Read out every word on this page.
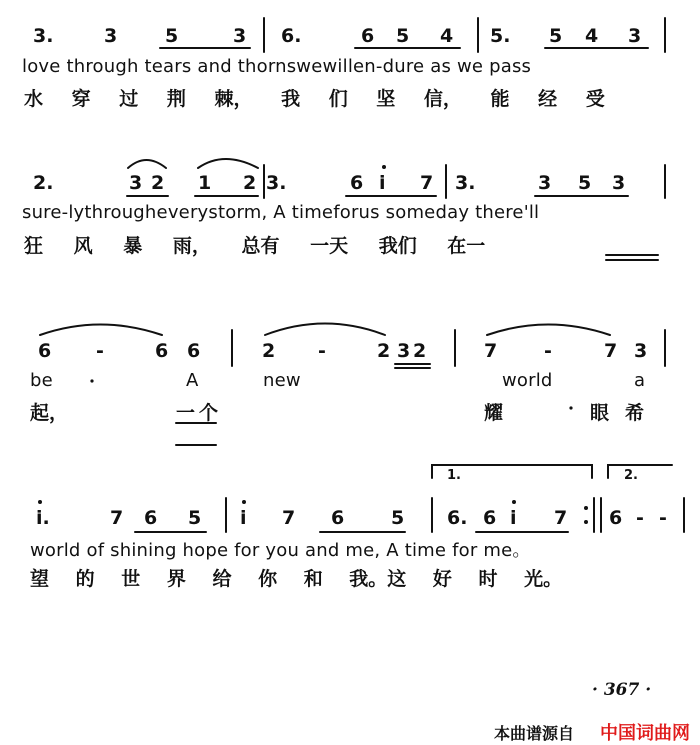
3.	3	5	3 6.	6 5 4 5. 5 4 3
love through tears and thornswewillen-dure as we pass
水 穿 过 荆 棘， 我 们 坚 信， 能 经 受
2.	3 2 1 2 3.	6 i 7 3.	3 5 3
sure-lythrougheverystorm, A timeforus someday there'll
狂 风 暴 雨， 总有 一天 我们 在一
6 -	6 6	2 -	2 3 2	7 -	7 3
be	A	new	world	a
起，	一个	耀	眼希
i.	7 6 5 i 7 6 5 6. 6 i 7 6 - -
1.	2.
world of shining hope for you and me, A time for me。
望 的 世 界 给 你 和 我。这 好 时 光。
· 367 ·
本曲谱源自 中国词曲网
